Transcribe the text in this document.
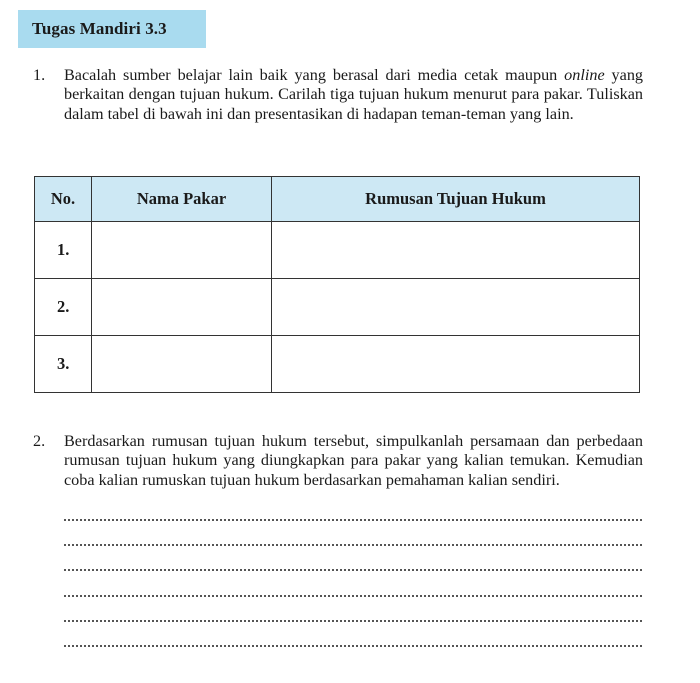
Tugas Mandiri 3.3
1. Bacalah sumber belajar lain baik yang berasal dari media cetak maupun online yang berkaitan dengan tujuan hukum. Carilah tiga tujuan hukum menurut para pakar. Tuliskan dalam tabel di bawah ini dan presentasikan di hadapan teman-teman yang lain.
No.	Nama Pakar	Rumusan Tujuan Hukum
1.		
2.		
3.		
2. Berdasarkan rumusan tujuan hukum tersebut, simpulkanlah persamaan dan perbedaan rumusan tujuan hukum yang diungkapkan para pakar yang kalian temukan. Kemudian coba kalian rumuskan tujuan hukum berdasarkan pemahaman kalian sendiri.
